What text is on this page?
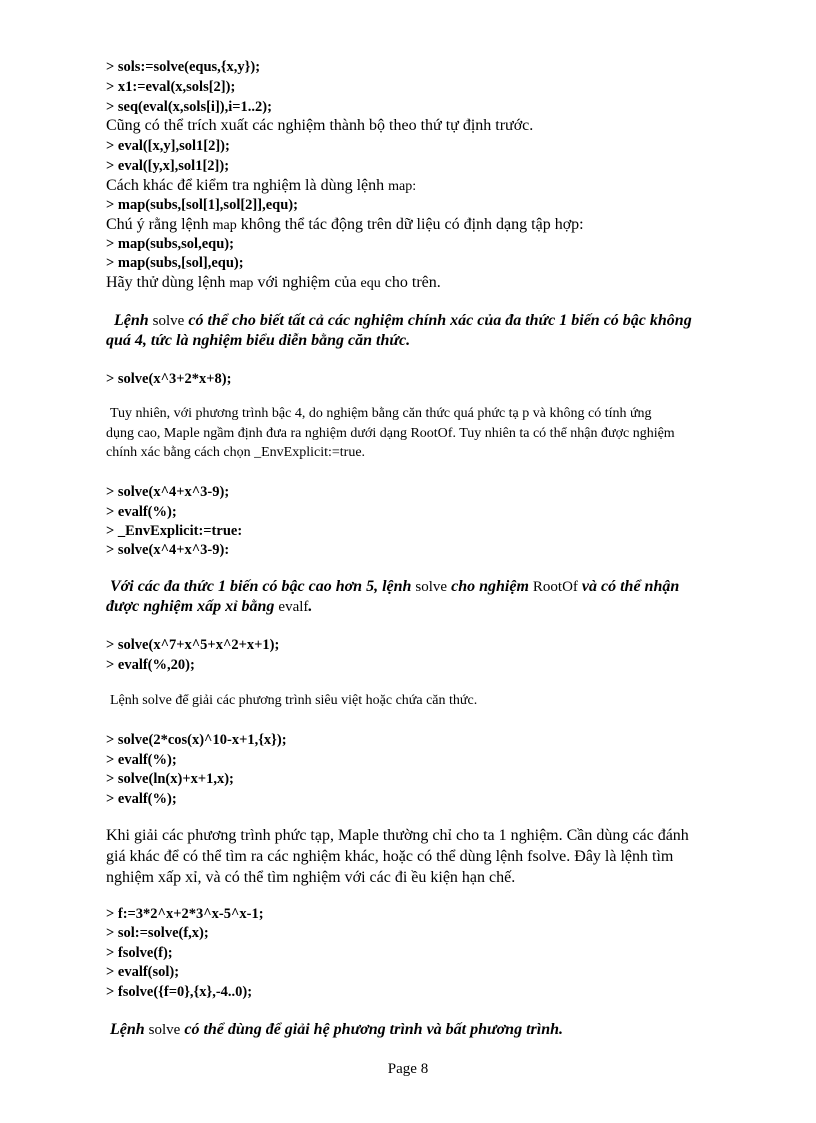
> sols:=solve(equs,{x,y});
> x1:=eval(x,sols[2]);
> seq(eval(x,sols[i]),i=1..2);
Cũng có thể trích xuất các nghiệm thành bộ theo thứ tự định trước.
> eval([x,y],sol1[2]);
> eval([y,x],sol1[2]);
Cách khác để kiểm tra nghiệm là dùng lệnh map:
> map(subs,[sol[1],sol[2]],equ);
Chú ý rằng lệnh map không thể tác động trên dữ liệu có định dạng tập hợp:
> map(subs,sol,equ);
> map(subs,[sol],equ);
Hãy thử dùng lệnh map với nghiệm của equ cho trên.
Lệnh solve có thể cho biết tất cả các nghiệm chính xác của đa thức 1 biến có bậc không
quá 4, tức là nghiệm biểu diễn bằng căn thức.
> solve(x^3+2*x+8);
Tuy nhiên, với phương trình bậc 4, do nghiệm bằng căn thức quá phức tạ p và không có tính ứng
dụng cao, Maple ngầm định đưa ra nghiệm dưới dạng RootOf. Tuy nhiên ta có thể nhận được nghiệm
chính xác bằng cách chọn _EnvExplicit:=true.
> solve(x^4+x^3-9);
> evalf(%);
> _EnvExplicit:=true:
> solve(x^4+x^3-9):
Với các đa thức 1 biến có bậc cao hơn 5, lệnh solve cho nghiệm RootOf và có thể nhận
được nghiệm xấp xỉ bằng evalf.
> solve(x^7+x^5+x^2+x+1);
> evalf(%,20);
Lệnh solve để giải các phương trình siêu việt hoặc chứa căn thức.
> solve(2*cos(x)^10-x+1,{x});
> evalf(%);
> solve(ln(x)+x+1,x);
> evalf(%);
Khi giải các phương trình phức tạp, Maple thường chỉ cho ta 1 nghiệm. Cần dùng các đánh
giá khác để có thể tìm ra các nghiệm khác, hoặc có thể dùng lệnh fsolve. Đây là lệnh tìm
nghiệm xấp xỉ, và có thể tìm nghiệm với các đi ều kiện hạn chế.
> f:=3*2^x+2*3^x-5^x-1;
> sol:=solve(f,x);
> fsolve(f);
> evalf(sol);
> fsolve({f=0},{x},-4..0);
Lệnh solve có thể dùng để giải hệ phương trình và bất phương trình.
Page 8
